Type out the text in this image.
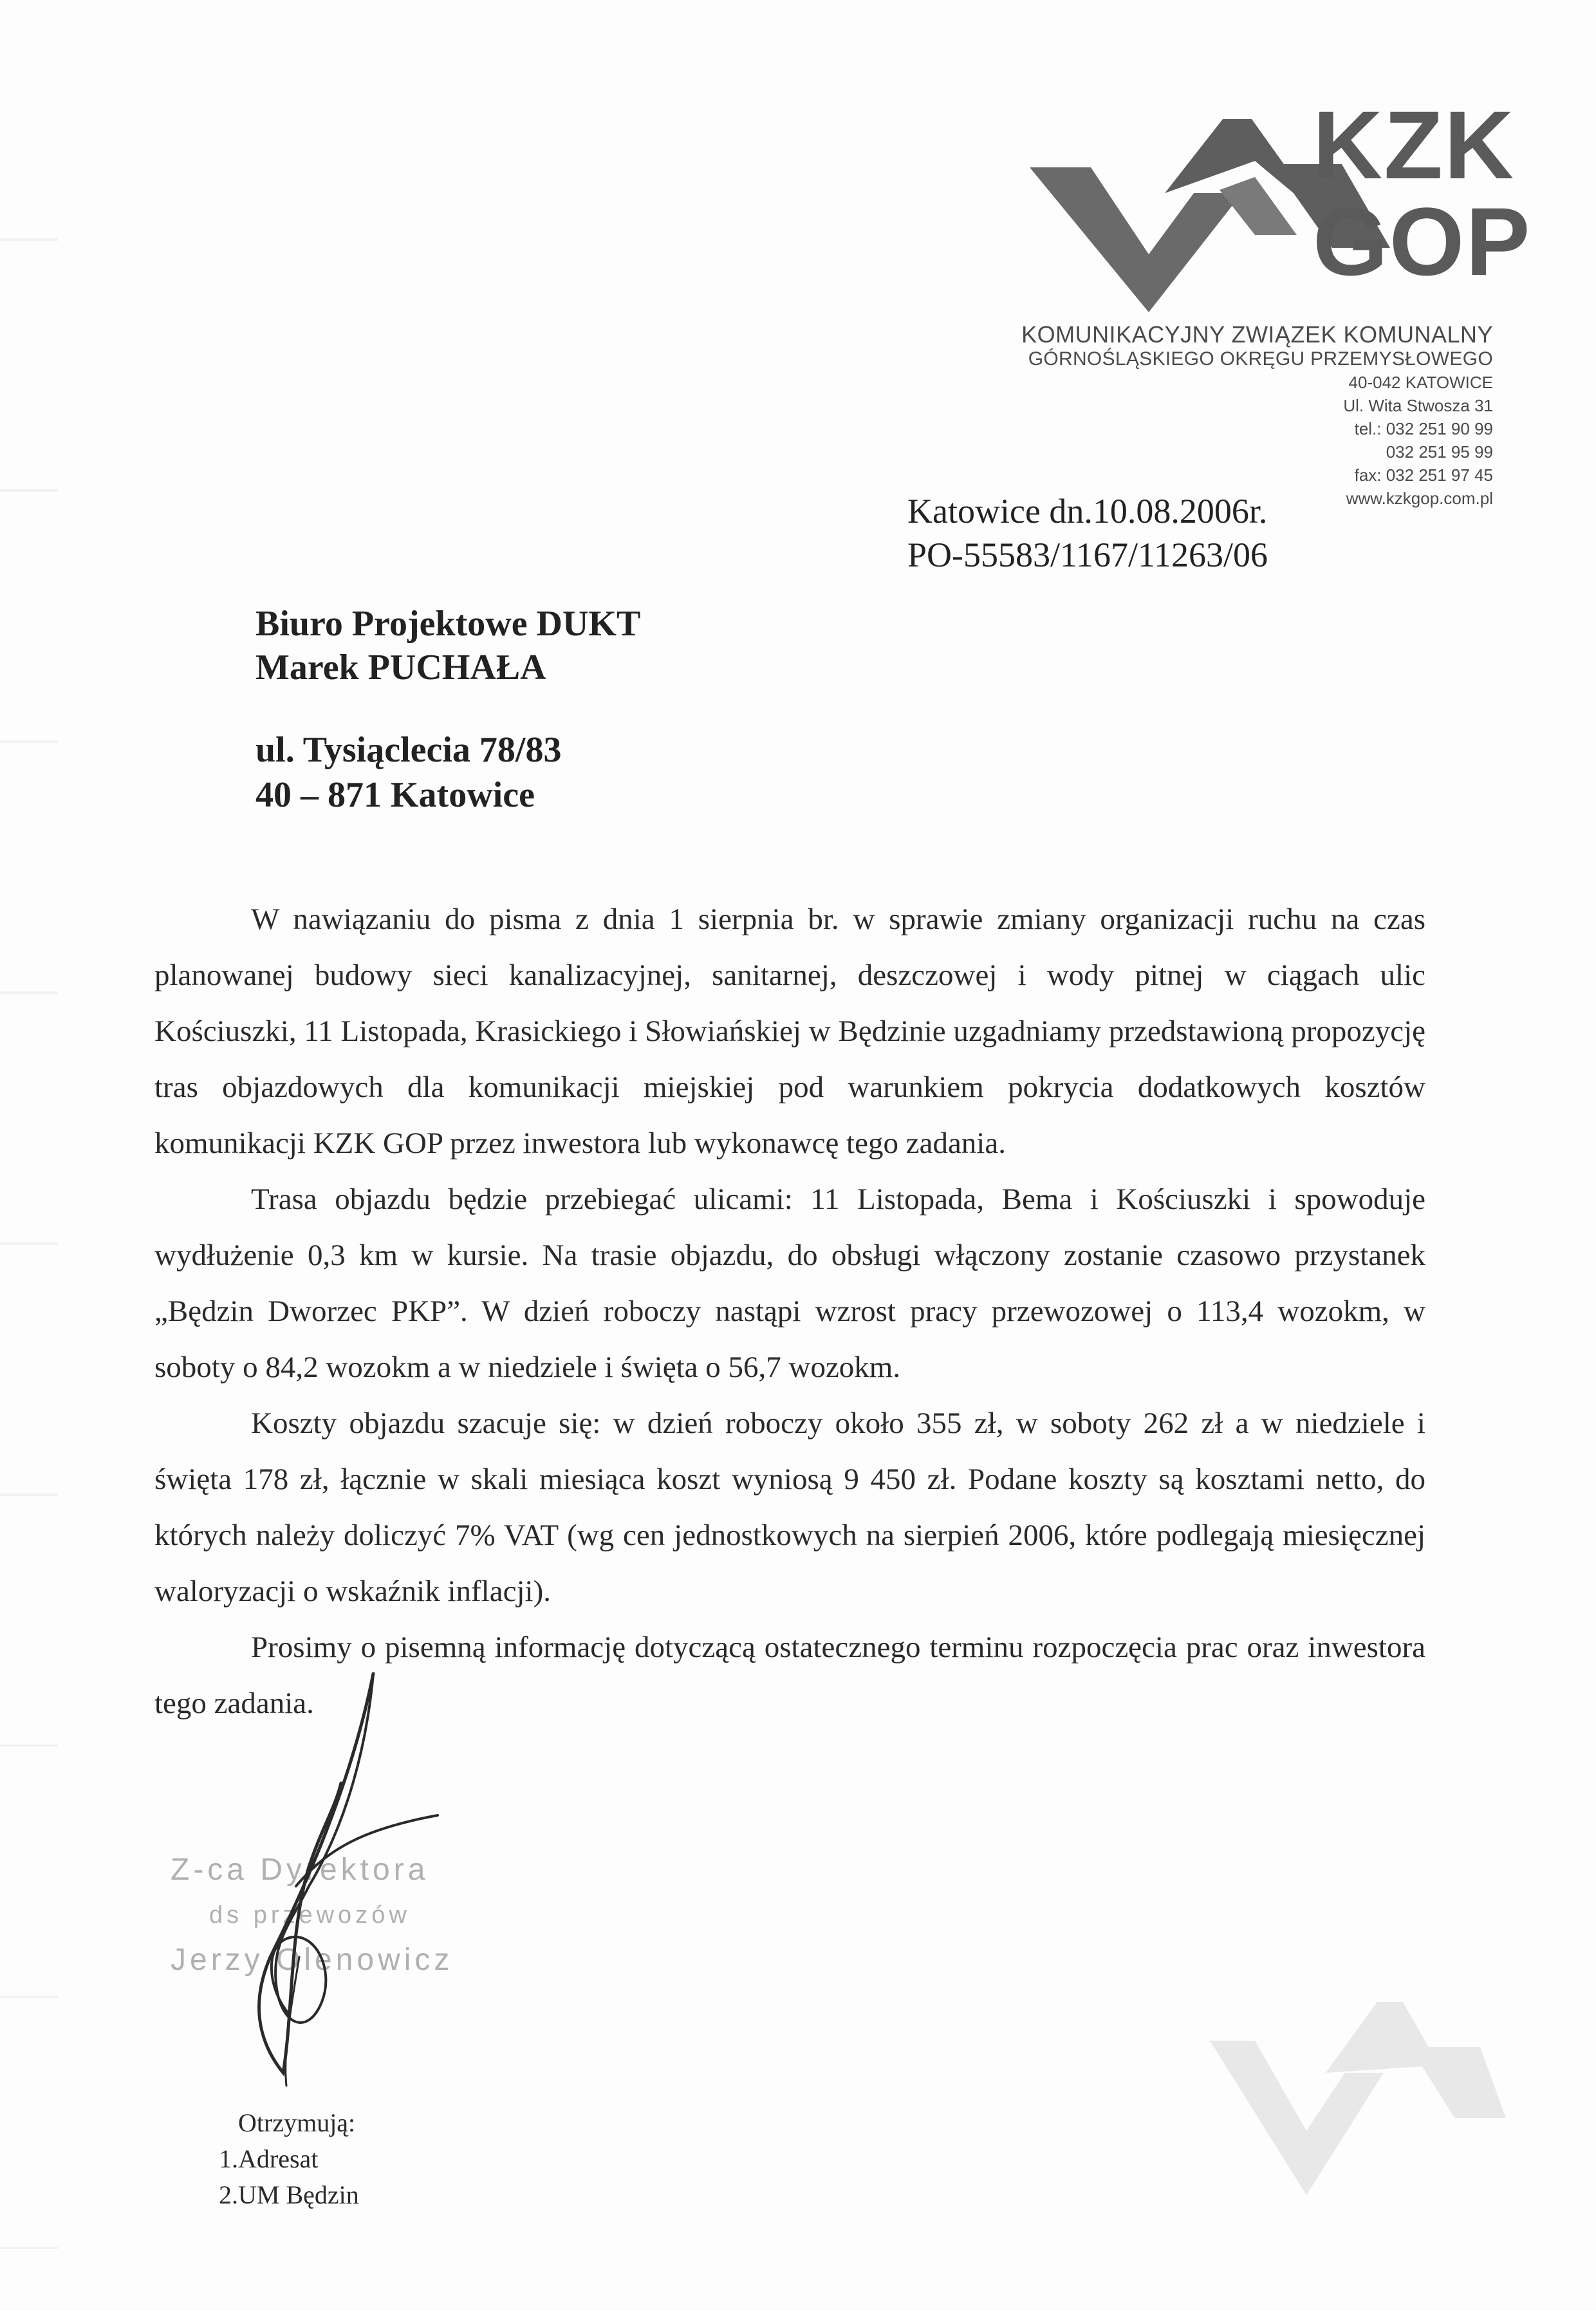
KZK
GOP
KOMUNIKACYJNY ZWIĄZEK KOMUNALNY
GÓRNOŚLĄSKIEGO OKRĘGU PRZEMYSŁOWEGO
40-042 KATOWICE
Ul. Wita Stwosza 31
tel.: 032 251 90 99
032 251 95 99
fax: 032 251 97 45
www.kzkgop.com.pl
Katowice dn.10.08.2006r.
PO-55583/1167/11263/06
Biuro Projektowe DUKT
Marek PUCHAŁA
ul. Tysiąclecia 78/83
40 – 871 Katowice

W nawiązaniu do pisma z dnia 1 sierpnia br. w sprawie zmiany organizacji ruchu na czas planowanej budowy sieci kanalizacyjnej, sanitarnej, deszczowej i wody pitnej w ciągach ulic Kościuszki, 11 Listopada, Krasickiego i Słowiańskiej w Będzinie uzgadniamy przedstawioną propozycję tras objazdowych dla komunikacji miejskiej pod warunkiem pokrycia dodatkowych kosztów komunikacji KZK GOP przez inwestora lub wykonawcę tego zadania.

Trasa objazdu będzie przebiegać ulicami: 11 Listopada, Bema i Kościuszki i spowoduje wydłużenie 0,3 km w kursie. Na trasie objazdu, do obsługi włączony zostanie czasowo przystanek „Będzin Dworzec PKP”. W dzień roboczy nastąpi wzrost pracy przewozowej o 113,4 wozokm, w soboty o 84,2 wozokm a w niedziele i święta o 56,7 wozokm.

Koszty objazdu szacuje się: w dzień roboczy około 355 zł, w soboty 262 zł a w niedziele i święta 178 zł, łącznie w skali miesiąca koszt wyniosą 9 450 zł. Podane koszty są kosztami netto, do których należy doliczyć 7% VAT (wg cen jednostkowych na sierpień 2006, które podlegają miesięcznej waloryzacji o wskaźnik inflacji).

Prosimy o pisemną informację dotyczącą ostatecznego terminu rozpoczęcia prac oraz inwestora tego zadania.

Z-ca Dyrektora
ds przewozów
Jerzy Olenowicz
Otrzymują:
1.Adresat
2.UM Będzin
